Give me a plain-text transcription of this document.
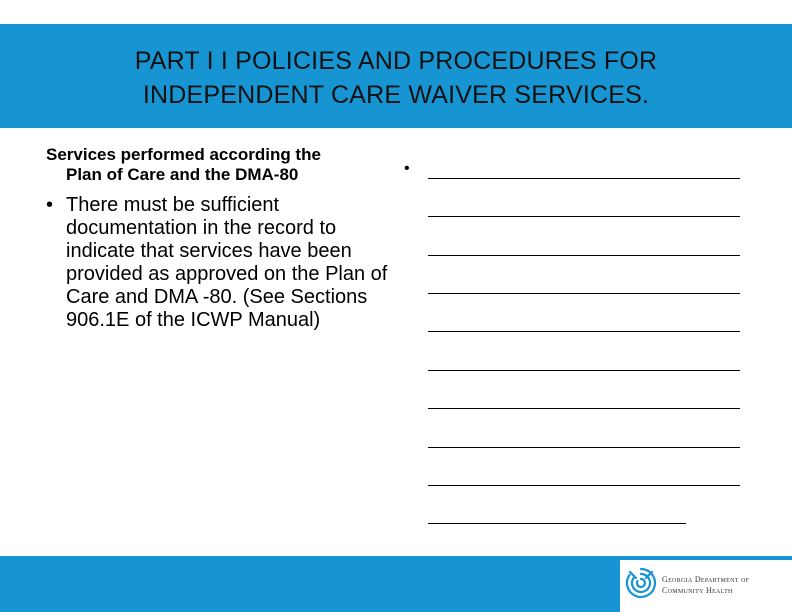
PART I I POLICIES AND PROCEDURES FOR
INDEPENDENT CARE WAIVER SERVICES.
Services performed according the
Plan of Care and the DMA-80
• There must be sufficient documentation in the record to indicate that services have been provided as approved on the Plan of Care and DMA -80. (See Sections 906.1E of the ICWP Manual)
•
Georgia Department of
Community Health
